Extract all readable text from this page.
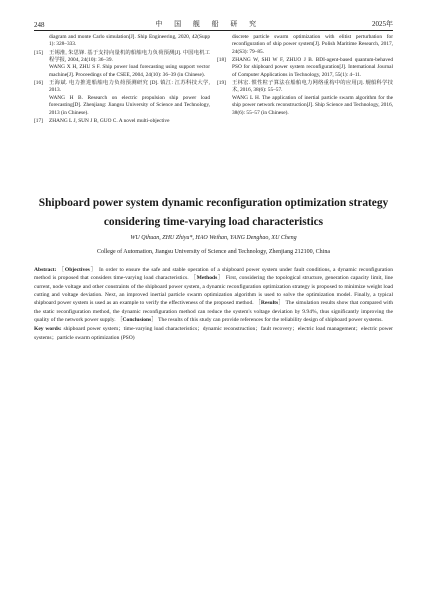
248	中 国 舰 船 研 究	2025年
diagram and monte Carlo simulation[J]. Ship Engineering, 2020, 42(Supp 1): 328–333.
[15]	王锡淮, 朱思锋. 基于支持向量机的船舶电力负荷预测[J]. 中国电机工程学报, 2004, 24(10): 36–39.
WANG X H, ZHU S F. Ship power load forecasting using support vector machine[J]. Proceedings of the CSEE, 2004, 24(10): 36–39 (in Chinese).
[16]	王海斌. 电力推进船舶电力负荷预测研究 [D]. 镇江: 江苏科技大学, 2013.
WANG H B. Research on electric propulsion ship power load forecasting[D]. Zhenjiang: Jiangsu University of Science and Technology, 2013 (in Chinese).
[17]	ZHANG L J, SUN J B, GUO C. A novel multi-objective
discrete particle swarm optimization with elitist perturbation for reconfiguration of ship power system[J]. Polish Maritime Research, 2017, 24(S3): 79–85.
[18]	ZHANG W, SHI W F, ZHUO J B. BDI-agent-based quantum-behaved PSO for shipboard power system reconfiguration[J]. International Journal of Computer Applications in Technology, 2017, 55(1): 4–11.
[19]	王林宏. 惯性粒子算法在船舶电力网络重构中的应用[J]. 舰船科学技术, 2016, 38(6): 55–57.
WANG L H. The application of inertial particle swarm algorithm for the ship power network reconstruction[J]. Ship Science and Technology, 2016, 38(6): 55–57 (in Chinese).
Shipboard power system dynamic reconfiguration optimization strategy considering time-varying load characteristics
WU Qihuan, ZHU Zhiyu*, HAO Weihan, YANG Denghao, XU Cheng
College of Automation, Jiangsu University of Science and Technology, Zhenjiang 212100, China
Abstract: ［Objectives］ In order to ensure the safe and stable operation of a shipboard power system under fault conditions, a dynamic reconfiguration method is proposed that considers time-varying load characteristics. ［Methods］ First, considering the topological structure, generation capacity limit, line current, node voltage and other constraints of the shipboard power system, a dynamic reconfiguration optimization strategy is proposed to minimize weight load cutting and voltage deviation. Next, an improved inertial particle swarm optimization algorithm is used to solve the optimization model. Finally, a typical shipboard power system is used as an example to verify the effectiveness of the proposed method. ［Results］ The simulation results show that compared with the static reconfiguration method, the dynamic reconfiguration method can reduce the system's voltage deviation by 9.94%, thus significantly improving the quality of the network power supply. ［Conclusions］ The results of this study can provide references for the reliability design of shipboard power systems.
Key words: shipboard power system；time-varying load characteristics；dynamic reconstruction；fault recovery；electric load management；electric power systems；particle swarm optimization (PSO)
